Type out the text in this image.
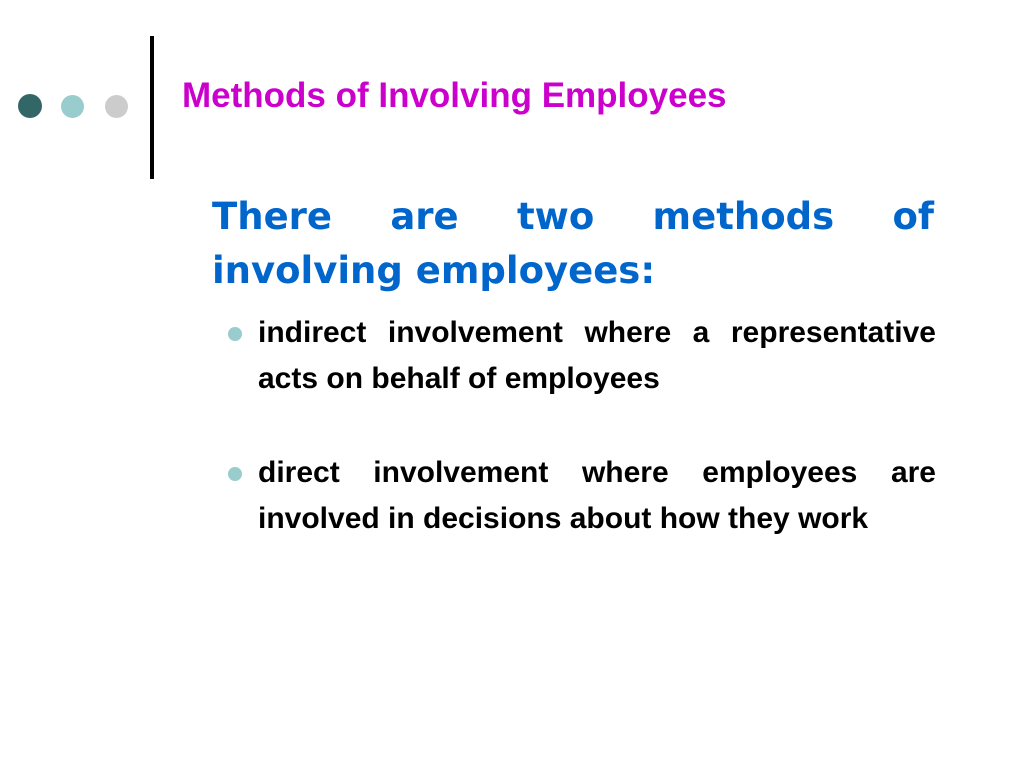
Methods of Involving Employees

There are two methods of involving employees:

indirect involvement where a representative acts on behalf of employees
direct involvement where employees are involved in decisions about how they work
